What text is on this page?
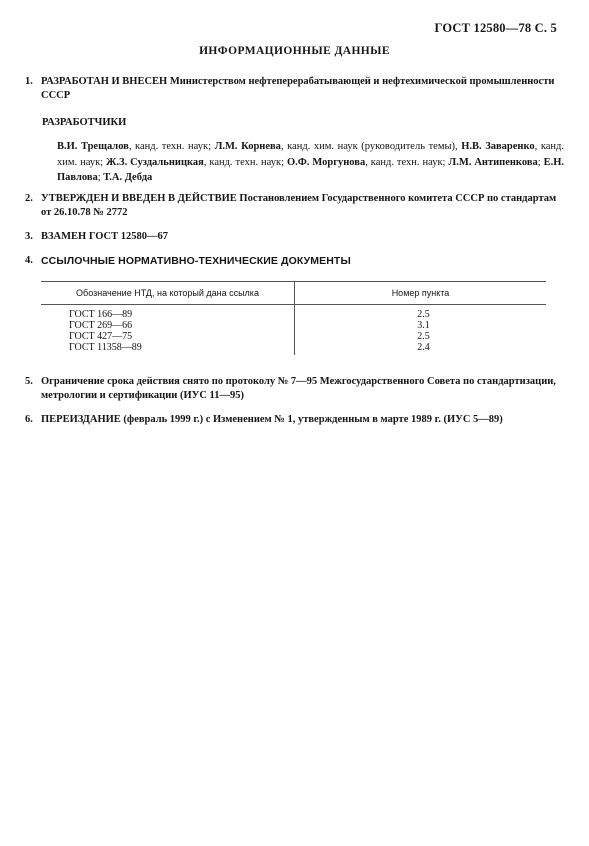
ГОСТ 12580—78 С. 5
ИНФОРМАЦИОННЫЕ ДАННЫЕ
1. РАЗРАБОТАН И ВНЕСЕН Министерством нефтеперерабатывающей и нефтехимической промышленности СССР
РАЗРАБОТЧИКИ
В.И. Трещалов, канд. техн. наук; Л.М. Корнева, канд. хим. наук (руководитель темы), Н.В. Заваренко, канд. хим. наук; Ж.З. Суздальницкая, канд. техн. наук; О.Ф. Моргунова, канд. техн. наук; Л.М. Антипенкова; Е.Н. Павлова; Т.А. Дебда
2. УТВЕРЖДЕН И ВВЕДЕН В ДЕЙСТВИЕ Постановлением Государственного комитета СССР по стандартам от 26.10.78 № 2772
3. ВЗАМЕН ГОСТ 12580—67
4. ССЫЛОЧНЫЕ НОРМАТИВНО-ТЕХНИЧЕСКИЕ ДОКУМЕНТЫ
Обозначение НТД, на который дана ссылка	Номер пункта
ГОСТ 166—89	2.5
ГОСТ 269—66	3.1
ГОСТ 427—75	2.5
ГОСТ 11358—89	2.4
5. Ограничение срока действия снято по протоколу № 7—95 Межгосударственного Совета по стандартизации, метрологии и сертификации (ИУС 11—95)
6. ПЕРЕИЗДАНИЕ (февраль 1999 г.) с Изменением № 1, утвержденным в марте 1989 г. (ИУС 5—89)
